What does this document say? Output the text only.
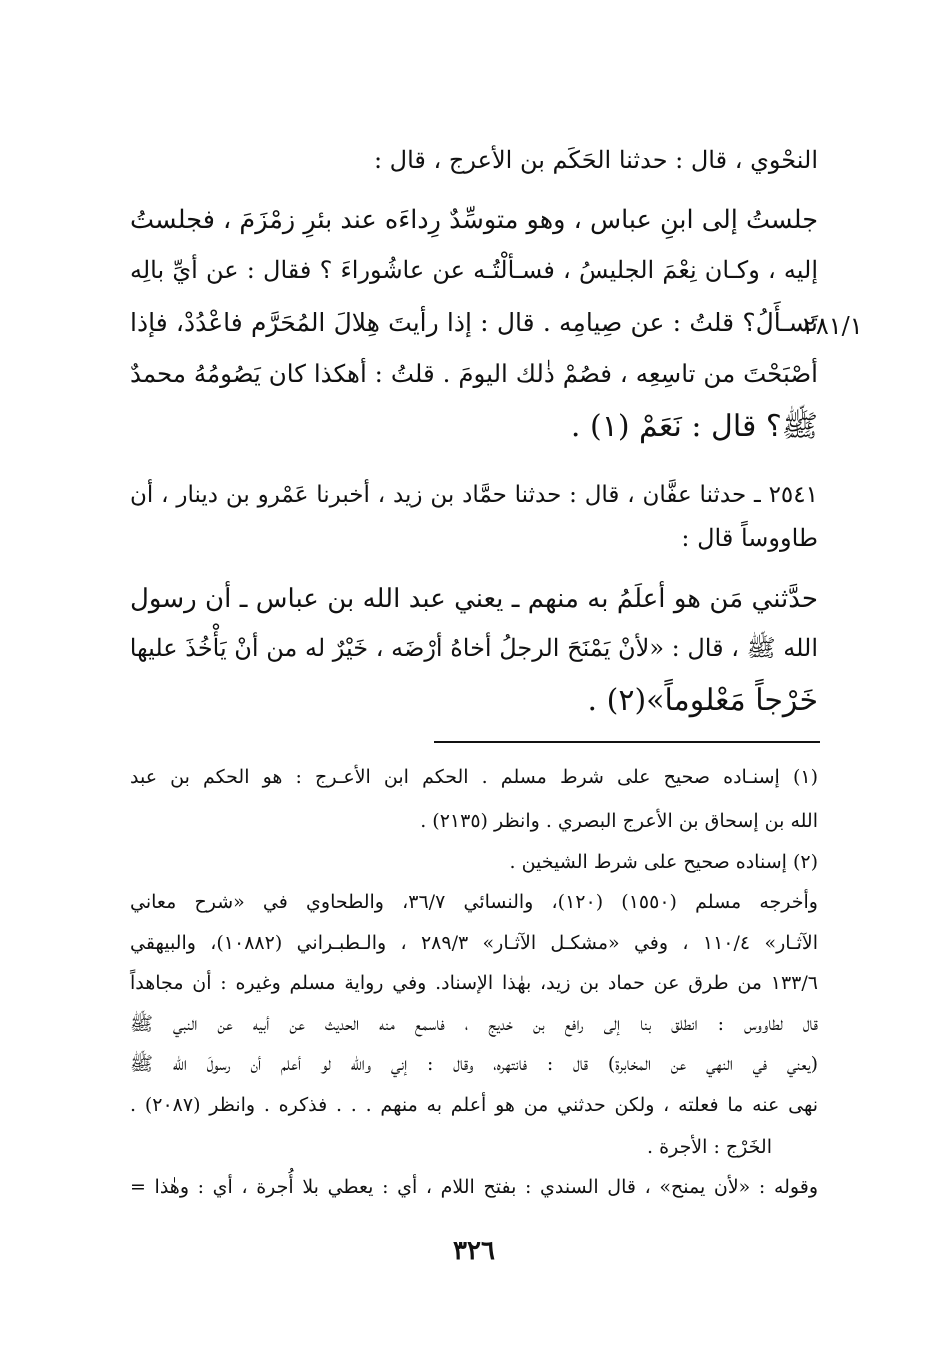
النحْوي ، قال : حدثنا الحَكَم بن الأعرج ، قال :

جلستُ إلى ابنِ عباس ، وهو متوسِّدٌ رِداءَه عند بئرِ زمْزَمَ ، فجلستُ

إليه ، وكـان نِعْمَ الجليسُ ، فسـألْتُـه عن عاشُوراءَ ؟ فقال : عن أيِّ بالِه

تَسـأَلُ؟ قلتُ : عن صِيامِه . قال : إذا رأيتَ هِلالَ المُحَرَّم فاعْدُدْ، فإذا

أصْبَحْتَ من تاسِعِه ، فصُمْ ذٰلك اليومَ . قلتُ : أهكذا كان يَصُومُهُ محمدٌ

ﷺ؟ قال : نَعَمْ (١) .

٢٨١/١

٢٥٤١ ـ حدثنا عفَّان ، قال : حدثنا حمَّاد بن زيد ، أخبرنا عَمْرو بن دينار ، أن

طاووساً قال :

حدَّثني مَن هو أعلَمُ به منهم ـ يعني عبد الله بن عباس ـ أن رسول

الله ﷺ ، قال : «لأنْ يَمْنَحَ الرجلُ أخاهُ أرْضَه ، خَيْرٌ له من أنْ يَأْخُذَ عليها

خَرْجاً مَعْلوماً»(٢) .

(١) إسنـاده صحيح على شرط مسلم . الحكم ابن الأعـرج : هو الحكم بن عبد

الله بن إسحاق بن الأعرج البصري . وانظر (٢١٣٥) .

(٢) إسناده صحيح على شرط الشيخين .

وأخرجه مسلم (١٥٥٠) (١٢٠)، والنسائي ٣٦/٧، والطحاوي في «شرح معاني

الآثـار» ١١٠/٤ ، وفي «مشكـل الآثـار» ٢٨٩/٣ ، والـطبـراني (١٠٨٨٢)، والبيهقي

١٣٣/٦ من طرق عن حماد بن زيد، بهٰذا الإسناد. وفي رواية مسلم وغيره : أن مجاهداً

قال لطاووس : انطلق بنا إلى رافع بن خديج ، فاسمع منه الحديث عن أبيه عن النبي ﷺ

(يعني في النهي عن المخابرة) قال : فانتهره، وقال : إني والله لو أعلم أن رسولَ الله ﷺ

نهى عنه ما فعلته ، ولكن حدثني من هو أعلم به منهم . . . فذكره . وانظر (٢٠٨٧) .

الخَرْج : الأجرة .

وقوله : «لأن يمنح» ، قال السندي : بفتح اللام ، أي : يعطي بلا أُجرة ، أي : وهٰذا =

٣٢٦
